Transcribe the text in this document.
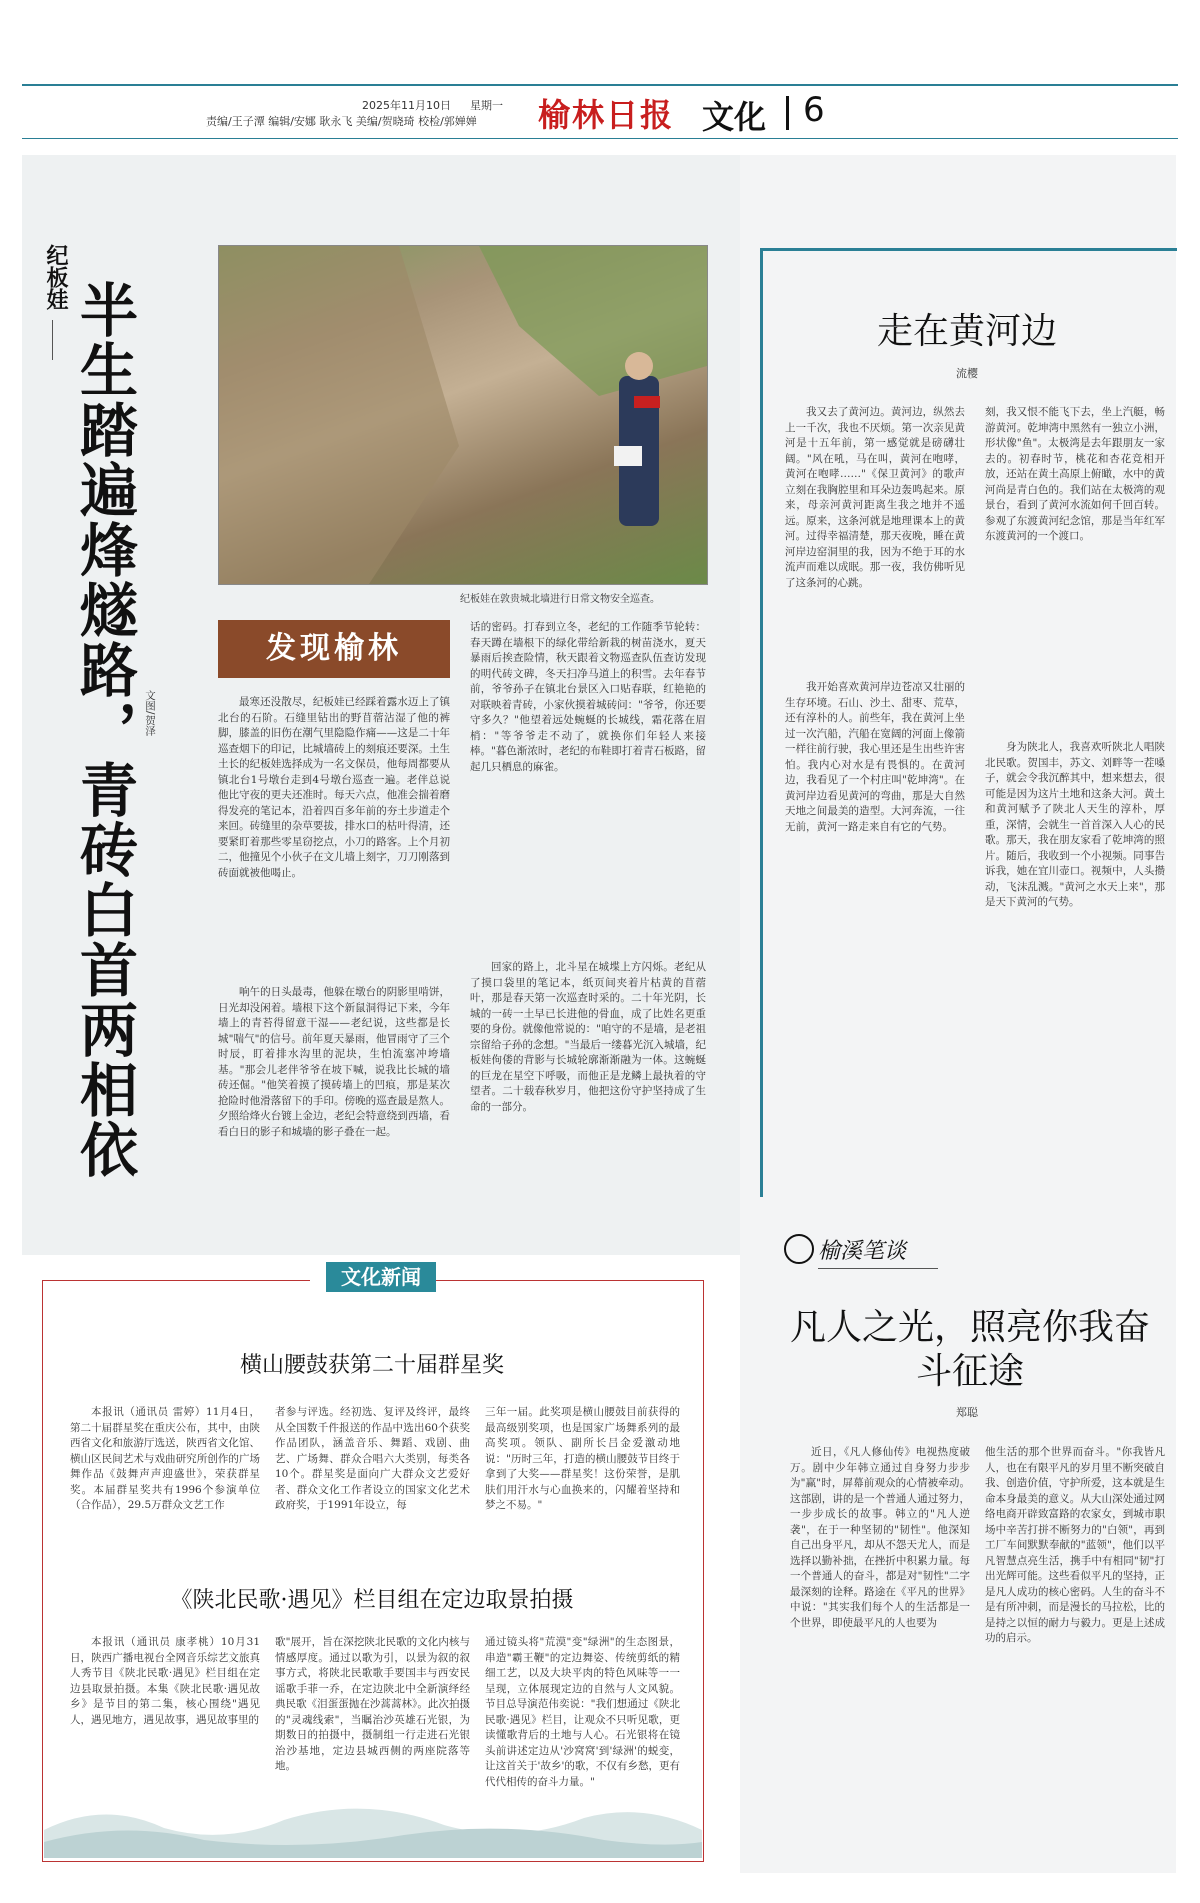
2025年11月10日 星期一
责编/王子潭 编辑/安娜 耿永飞 美编/贺晓琦 校检/郭婵婵 榆林日报 文化 6
纪板娃
半生踏遍烽燧路，青砖白首两相依	纪板娃在敦贵城北墙进行日常文物安全巡查。
发现榆林
文图/贺泽	最寒还没散尽，纪板娃已经踩着露水迈上了镇北台的石阶。石缝里钻出的野苜蓿沾湿了他的裤脚，膝盖的旧伤在潮气里隐隐作痛——这是二十年巡查烟下的印记，比城墙砖上的刻痕还要深。土生土长的纪板娃选择成为一名文保员，他每周都要从镇北台1号墩台走到4号墩台巡查一遍。老伴总说他比守夜的更夫还准时。每天六点，他准会揣着磨得发亮的笔记本，沿着四百多年前的夯土步道走个来回。砖缝里的杂草要拔，排水口的枯叶得清，还要紧盯着那些零星窃挖点，小刀的路客。上个月初二，他撞见个小伙子在文儿墙上刻字，刀刀刚落到砖面就被他喝止。

响午的日头最毒，他躲在墩台的阴影里啃饼，日光却没闲着。墙根下这个新鼠洞得记下来，今年墙上的青苔得留意干湿——老纪说，这些都是长城"喘气"的信号。前年夏天暴雨，他冒雨守了三个时辰，盯着排水沟里的泥块，生怕流塞冲垮墙基。"那会儿老伴爷爷在坡下喊，说我比长城的墙砖还倔。"他笑着摸了摸砖墙上的凹痕，那是某次抢险时他滑落留下的手印。傍晚的巡查最是熬人。夕照给烽火台镀上金边，老纪会特意绕到西墙，看看白日的影子和城墙的影子叠在一起。

话的密码。打春到立冬，老纪的工作随季节轮转：春天蹲在墙根下的绿化带给新栽的树苗浇水，夏天暴雨后挨查险情，秋天跟着文物巡查队伍查访发现的明代砖文碑，冬天扫净马道上的积雪。去年春节前，爷爷孙子在镇北台景区入口贴春联，红艳艳的对联映着青砖，小家伙摸着城砖问："爷爷，你还要守多久？"他望着远处蜿蜒的长城线，霜花落在眉梢："等爷爷走不动了，就换你们年轻人来接棒。"暮色渐浓时，老纪的布鞋即打着青石板路，留起几只栖息的麻雀。

回家的路上，北斗星在城堞上方闪烁。老纪从了摸口袋里的笔记本，纸页间夹着片枯黄的苜蓿叶，那是春天第一次巡查时采的。二十年光阴，长城的一砖一土早已长进他的骨血，成了比姓名更重要的身份。就像他常说的："咱守的不是墙，是老祖宗留给子孙的念想。"当最后一缕暮光沉入城墙，纪板娃佝偻的背影与长城轮廓渐渐融为一体。这蜿蜒的巨龙在星空下呼吸，而他正是龙鳞上最执着的守望者。二十载春秋岁月，他把这份守护坚持成了生命的一部分。

走在黄河边
流樱

我又去了黄河边。黄河边，纵然去上一千次，我也不厌烦。第一次亲见黄河是十五年前，第一感觉就是磅礴壮阔。"风在吼，马在叫，黄河在咆哮，黄河在咆哮……"《保卫黄河》的歌声立刻在我胸腔里和耳朵边轰鸣起来。原来，母亲河黄河距离生我之地并不遥远。原来，这条河就是地理课本上的黄河。过得幸福清楚，那天夜晚，睡在黄河岸边窑洞里的我，因为不绝于耳的水流声而难以成眠。那一夜，我仿佛听见了这条河的心跳。

我开始喜欢黄河岸边苍凉又壮丽的生存环境。石山、沙土、甜枣、荒草，还有淳朴的人。前些年，我在黄河上坐过一次汽船，汽船在宽阔的河面上像箭一样往前行驶，我心里还是生出些许害怕。我内心对水是有畏惧的。在黄河边，我看见了一个村庄叫"乾坤湾"。在黄河岸边看见黄河的弯曲，那是大自然天地之间最美的造型。大河奔流，一往无前，黄河一路走来自有它的气势。

刻，我又恨不能飞下去，坐上汽艇，畅游黄河。乾坤湾中黑然有一独立小洲，形状像"鱼"。太极湾是去年跟朋友一家去的。初春时节，桃花和杏花竞相开放，还站在黄土高原上俯瞰，水中的黄河尚是青白色的。我们站在太极湾的观景台，看到了黄河水流如何千回百转。参观了东渡黄河纪念馆，那是当年红军东渡黄河的一个渡口。

身为陕北人，我喜欢听陕北人唱陕北民歌。贺国丰，苏文、刘畔等一茬嗓子，就会令我沉醉其中，想来想去，很可能是因为这片土地和这条大河。黄土和黄河赋予了陕北人天生的淳朴，厚重，深情，会就生一首首深入人心的民歌。那天，我在朋友家看了乾坤湾的照片。随后，我收到一个小视频。同事告诉我，她在宜川壶口。视频中，人头攒动，飞沫乱溅。"黄河之水天上来"，那是天下黄河的气势。

榆溪笔谈
凡人之光，照亮你我奋斗征途
郑聪

近日，《凡人修仙传》电视热度破万。剧中少年韩立通过自身努力步步为"赢"时，屏幕前观众的心情被牵动。这部剧，讲的是一个普通人通过努力，一步步成长的故事。韩立的"凡人逆袭"，在于一种坚韧的"韧性"。他深知自己出身平凡，却从不怨天尤人，而是选择以勤补拙，在挫折中积累力量。每一个普通人的奋斗，都是对"韧性"二字最深刻的诠释。路途在《平凡的世界》中说："其实我们每个人的生活都是一个世界，即使最平凡的人也要为

他生活的那个世界而奋斗。"你我皆凡人，也在有限平凡的岁月里不断突破自我、创造价值，守护所爱，这本就是生命本身最美的意义。从大山深处通过网络电商开辟致富路的农家女，到城市职场中辛苦打拼不断努力的"白领"，再到工厂车间默默奉献的"蓝领"，他们以平凡智慧点亮生活，携手中有相同"韧"打出光辉可能。这些看似平凡的坚持，正是凡人成功的核心密码。人生的奋斗不是有所冲刺，而是漫长的马拉松，比的是持之以恒的耐力与毅力。更是上述成功的启示。

文化新闻
横山腰鼓获第二十届群星奖

本报讯（通讯员 雷婷）11月4日，第二十届群星奖在重庆公布，其中，由陕西省文化和旅游厅选送，陕西省文化馆、横山区民间艺术与戏曲研究所创作的广场舞作品《鼓舞声声迎盛世》，荣获群星奖。本届群星奖共有1996个参演单位（合作品），29.5万群众文艺工作

者参与评选。经初选、复评及终评，最终从全国数千件报送的作品中选出60个获奖作品团队，涵盖音乐、舞蹈、戏剧、曲艺、广场舞、群众合唱六大类别，每类各10个。群星奖是面向广大群众文艺爱好者、群众文化工作者设立的国家文化艺术政府奖，于1991年设立，每

三年一届。此奖项是横山腰鼓目前获得的最高级别奖项，也是国家广场舞系列的最高奖项。领队、副所长吕金爱激动地说："历时三年，打造的横山腰鼓节目终于拿到了大奖——群星奖！这份荣誉，是肌肤们用汗水与心血换来的，闪耀着坚持和梦之不易。"

《陕北民歌·遇见》栏目组在定边取景拍摄

本报讯（通讯员 康孝桃）10月31日，陕西广播电视台全网音乐综艺文旅真人秀节目《陕北民歌·遇见》栏目组在定边县取景拍摄。本集《陕北民歌·遇见故乡》是节目的第二集，核心围绕"遇见人，遇见地方，遇见故事，遇见故事里的

歌"展开，旨在深挖陕北民歌的文化内核与情感厚度。通过以歌为引，以景为叙的叙事方式，将陕北民歌歌手要国丰与西安民谣歌手菲一乔，在定边陕北中全新演绎经典民歌《泪蛋蛋抛在沙蒿蒿林》。此次拍摄的"灵魂线索"，当瞩治沙英雄石光银，为期数日的拍摄中，摄制组一行走进石光银治沙基地，定边县城西侧的两座院落等地。

通过镜头将"荒漠"变"绿洲"的生态图景，串造"霸王鞭"的定边舞姿、传统剪纸的精细工艺，以及大块平肉的特色风味等一一呈现，立体展现定边的自然与人文风貌。节目总导演范伟奕说："我们想通过《陕北民歌·遇见》栏目，让观众不只听见歌，更读懂歌背后的土地与人心。石光银将在镜头前讲述定边从'沙窝窝'到'绿洲'的蜕变，让这首关于'故乡'的歌，不仅有乡愁，更有代代相传的奋斗力量。"
